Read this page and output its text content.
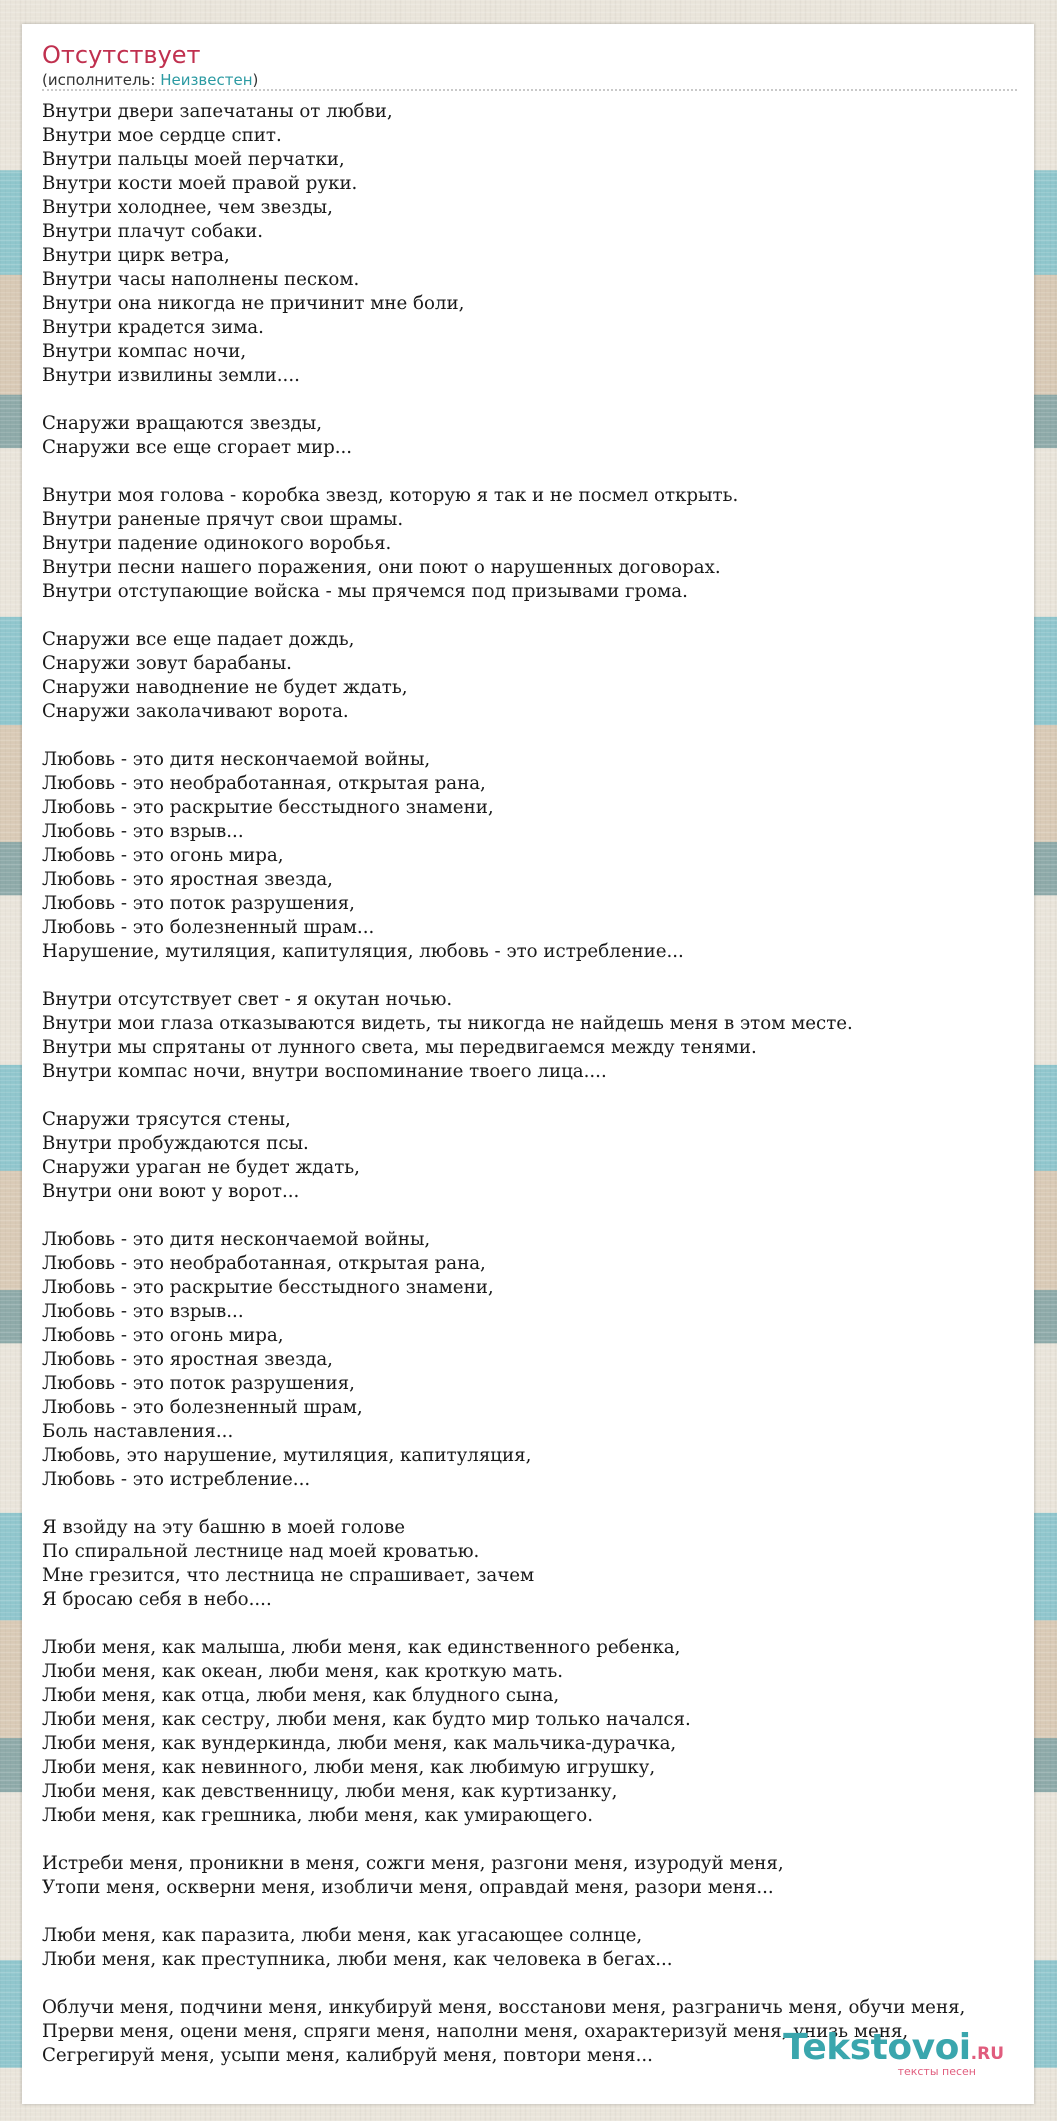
Отсутствует
(исполнитель: Неизвестен)
Внутри двери запечатаны от любви,
Внутри мое сердце спит.
Внутри пальцы моей перчатки,
Внутри кости моей правой руки.
Внутри холоднее, чем звезды,
Внутри плачут собаки.
Внутри цирк ветра,
Внутри часы наполнены песком.
Внутри она никогда не причинит мне боли,
Внутри крадется зима.
Внутри компас ночи,
Внутри извилины земли....
Снаружи вращаются звезды,
Снаружи все еще сгорает мир...
Внутри моя голова - коробка звезд, которую я так и не посмел открыть.
Внутри раненые прячут свои шрамы.
Внутри падение одинокого воробья.
Внутри песни нашего поражения, они поют о нарушенных договорах.
Внутри отступающие войска - мы прячемся под призывами грома.
Снаружи все еще падает дождь,
Снаружи зовут барабаны.
Снаружи наводнение не будет ждать,
Снаружи заколачивают ворота.
Любовь - это дитя нескончаемой войны,
Любовь - это необработанная, открытая рана,
Любовь - это раскрытие бесстыдного знамени,
Любовь - это взрыв...
Любовь - это огонь мира,
Любовь - это яростная звезда,
Любовь - это поток разрушения,
Любовь - это болезненный шрам...
Нарушение, мутиляция, капитуляция, любовь - это истребление...
Внутри отсутствует свет - я окутан ночью.
Внутри мои глаза отказываются видеть, ты никогда не найдешь меня в этом месте.
Внутри мы спрятаны от лунного света, мы передвигаемся между тенями.
Внутри компас ночи, внутри воспоминание твоего лица....
Снаружи трясутся стены,
Внутри пробуждаются псы.
Снаружи ураган не будет ждать,
Внутри они воют у ворот...
Любовь - это дитя нескончаемой войны,
Любовь - это необработанная, открытая рана,
Любовь - это раскрытие бесстыдного знамени,
Любовь - это взрыв...
Любовь - это огонь мира,
Любовь - это яростная звезда,
Любовь - это поток разрушения,
Любовь - это болезненный шрам,
Боль наставления...
Любовь, это нарушение, мутиляция, капитуляция,
Любовь - это истребление...
Я взойду на эту башню в моей голове
По спиральной лестнице над моей кроватью.
Мне грезится, что лестница не спрашивает, зачем
Я бросаю себя в небо....
Люби меня, как малыша, люби меня, как единственного ребенка,
Люби меня, как океан, люби меня, как кроткую мать.
Люби меня, как отца, люби меня, как блудного сына,
Люби меня, как сестру, люби меня, как будто мир только начался.
Люби меня, как вундеркинда, люби меня, как мальчика-дурачка,
Люби меня, как невинного, люби меня, как любимую игрушку,
Люби меня, как девственницу, люби меня, как куртизанку,
Люби меня, как грешника, люби меня, как умирающего.
Истреби меня, проникни в меня, сожги меня, разгони меня, изуродуй меня,
Утопи меня, оскверни меня, изобличи меня, оправдай меня, разори меня...
Люби меня, как паразита, люби меня, как угасающее солнце,
Люби меня, как преступника, люби меня, как человека в бегах...
Облучи меня, подчини меня, инкубируй меня, восстанови меня, разграничь меня, обучи меня,
Прерви меня, оцени меня, спряги меня, наполни меня, охарактеризуй меня, унизь меня,
Сегрегируй меня, усыпи меня, калибруй меня, повтори меня...	Tekstovoi.RU
тексты песен
